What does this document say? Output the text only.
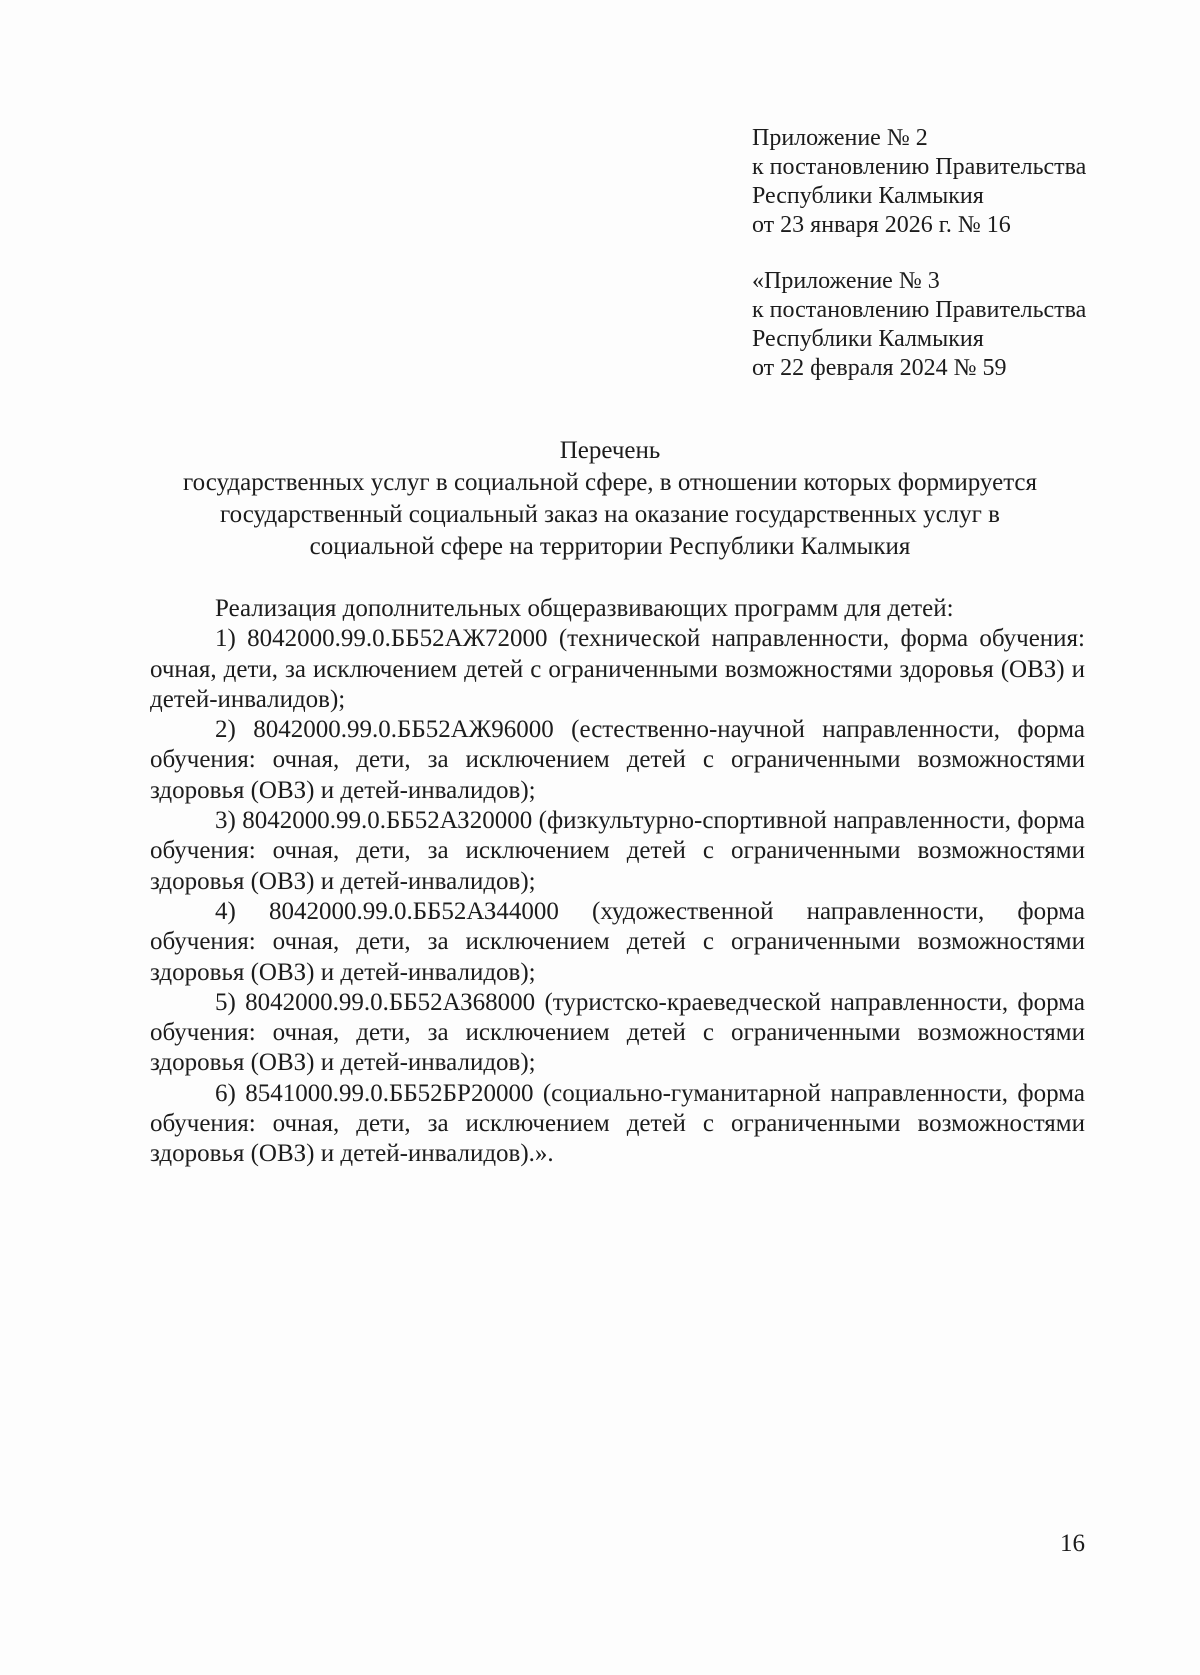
Приложение № 2
к постановлению Правительства
Республики Калмыкия
от 23 января 2026 г. № 16
«Приложение № 3
к постановлению Правительства
Республики Калмыкия
от 22 февраля 2024 № 59
Перечень
государственных услуг в социальной сфере, в отношении которых формируется
государственный социальный заказ на оказание государственных услуг в
социальной сфере на территории Республики Калмыкия

Реализация дополнительных общеразвивающих программ для детей:

1) 8042000.99.0.ББ52АЖ72000 (технической направленности, форма обучения: очная, дети, за исключением детей с ограниченными возможностями здоровья (ОВЗ) и детей-инвалидов);

2) 8042000.99.0.ББ52АЖ96000 (естественно-научной направленности, форма обучения: очная, дети, за исключением детей с ограниченными возможностями здоровья (ОВЗ) и детей-инвалидов);

3) 8042000.99.0.ББ52АЗ20000 (физкультурно-спортивной направленности, форма обучения: очная, дети, за исключением детей с ограниченными возможностями здоровья (ОВЗ) и детей-инвалидов);

4) 8042000.99.0.ББ52АЗ44000 (художественной направленности, форма обучения: очная, дети, за исключением детей с ограниченными возможностями здоровья (ОВЗ) и детей-инвалидов);

5) 8042000.99.0.ББ52АЗ68000 (туристско-краеведческой направленности, форма обучения: очная, дети, за исключением детей с ограниченными возможностями здоровья (ОВЗ) и детей-инвалидов);

6) 8541000.99.0.ББ52БР20000 (социально-гуманитарной направленности, форма обучения: очная, дети, за исключением детей с ограниченными возможностями здоровья (ОВЗ) и детей-инвалидов).».

16
